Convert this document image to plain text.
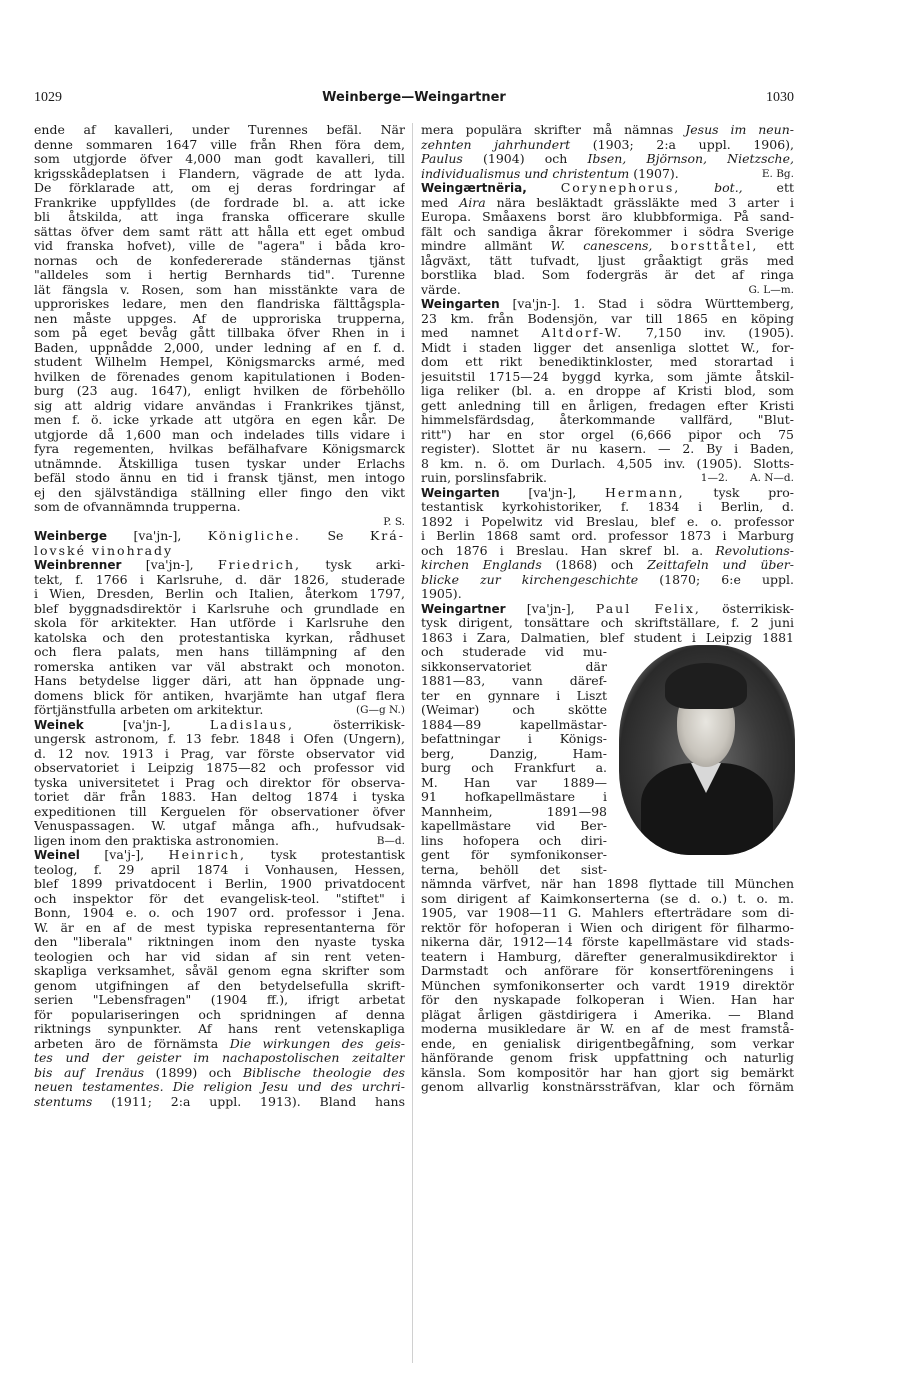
1029	Weinberge—Weingartner	1030
ende af kavalleri, under Turennes befäl. När
denne sommaren 1647 ville från Rhen föra dem,
som utgjorde öfver 4,000 man godt kavalleri, till
krigsskådeplatsen i Flandern, vägrade de att lyda.
De förklarade att, om ej deras fordringar af
Frankrike uppfylldes (de fordrade bl. a. att icke
bli åtskilda, att inga franska officerare skulle
sättas öfver dem samt rätt att hålla ett eget ombud
vid franska hofvet), ville de "agera" i båda kro-
nornas och de konfedererade ständernas tjänst
"alldeles som i hertig Bernhards tid". Turenne
lät fängsla v. Rosen, som han misstänkte vara de
upproriskes ledare, men den flandriska fälttågspla-
nen måste uppges. Af de upproriska trupperna,
som på eget bevåg gått tillbaka öfver Rhen in i
Baden, uppnådde 2,000, under ledning af en f. d.
student Wilhelm Hempel, Königsmarcks armé, med
hvilken de förenades genom kapitulationen i Boden-
burg (23 aug. 1647), enligt hvilken de förbehöllo
sig att aldrig vidare användas i Frankrikes tjänst,
men f. ö. icke yrkade att utgöra en egen kår. De
utgjorde då 1,600 man och indelades tills vidare i
fyra regementen, hvilkas befälhafvare Königsmarck
utnämnde. Åtskilliga tusen tyskar under Erlachs
befäl stodo ännu en tid i fransk tjänst, men intogo
ej den självständiga ställning eller fingo den vikt
som de ofvannämnda trupperna.
P. S.
Weinberge [va'jn-], Königliche. Se Krá-
lovské vinohrady
Weinbrenner [va'jn-], Friedrich, tysk arki-
tekt, f. 1766 i Karlsruhe, d. där 1826, studerade
i Wien, Dresden, Berlin och Italien, återkom 1797,
blef byggnadsdirektör i Karlsruhe och grundlade en
skola för arkitekter. Han utförde i Karlsruhe den
katolska och den protestantiska kyrkan, rådhuset
och flera palats, men hans tillämpning af den
romerska antiken var väl abstrakt och monoton.
Hans betydelse ligger däri, att han öppnade ung-
domens blick för antiken, hvarjämte han utgaf flera
förtjänstfulla arbeten om arkitektur.	(G—g N.)
Weinek	[va'jn-],	Ladislaus,	österrikisk-
ungersk astronom, f. 13 febr. 1848 i Ofen (Ungern),
d. 12 nov. 1913 i Prag, var förste observator vid
observatoriet i Leipzig 1875—82 och professor vid
tyska universitetet i Prag och direktor för observa-
toriet där från 1883. Han deltog 1874 i tyska
expeditionen till Kerguelen för observationer öfver
Venuspassagen. W. utgaf många afh., hufvudsak-
ligen inom den praktiska astronomien.	B—d.
Weinel [va'j-], Heinrich, tysk protestantisk
teolog, f. 29 april 1874 i Vonhausen, Hessen,
blef 1899 privatdocent i Berlin, 1900 privatdocent
och inspektor för det evangelisk-teol. "stiftet" i
Bonn, 1904 e. o. och 1907 ord. professor i Jena.
W. är en af de mest typiska representanterna för
den "liberala" riktningen inom den nyaste tyska
teologien och har vid sidan af sin rent veten-
skapliga verksamhet, såväl genom egna skrifter som
genom utgifningen af den betydelsefulla skrift-
serien "Lebensfragen" (1904 ff.), ifrigt arbetat
för populariseringen och spridningen af denna
riktnings synpunkter. Af hans rent vetenskapliga
arbeten äro de förnämsta Die wirkungen des geis-
tes und der geister im nachapostolischen zeitalter
bis auf Irenäus (1899) och Biblische theologie des
neuen testamentes. Die religion Jesu und des urchri-
stentums (1911; 2:a uppl. 1913). Bland hans
mera populära skrifter må nämnas Jesus im neun-
zehnten jahrhundert (1903; 2:a uppl. 1906),
Paulus (1904) och Ibsen, Björnson, Nietzsche,
individualismus und christentum (1907).	E. Bg.
Weingærtnëria,	Corynephorus,	bot.,	ett
med Aira nära besläktadt grässläkte med 3 arter i
Europa. Småaxens borst äro klubbformiga. På sand-
fält och sandiga åkrar förekommer i södra Sverige
mindre allmänt W. canescens, borsttåtel, ett
lågväxt, tätt tufvadt, ljust gråaktigt gräs med
borstlika blad. Som fodergräs är det af ringa
värde.	G. L—m.
Weingarten [va'jn-]. 1. Stad i södra Württemberg,
23 km. från Bodensjön, var till 1865 en köping
med namnet Altdorf-W. 7,150 inv. (1905).
Midt i staden ligger det ansenliga slottet W., for-
dom ett rikt benediktinkloster, med storartad i
jesuitstil 1715—24 byggd kyrka, som jämte åtskil-
liga reliker (bl. a. en droppe af Kristi blod, som
gett anledning till en årligen, fredagen efter Kristi
himmelsfärdsdag, återkommande vallfärd, "Blut-
ritt") har en stor orgel (6,666 pipor och 75
register). Slottet är nu kasern. — 2. By i Baden,
8 km. n. ö. om Durlach. 4,505 inv. (1905). Slotts-
ruin, porslinsfabrik.	A. N—d.
1—2.
Weingarten [va'jn-], Hermann, tysk pro-
testantisk kyrkohistoriker, f. 1834 i Berlin, d.
1892 i Popelwitz vid Breslau, blef e. o. professor
i Berlin 1868 samt ord. professor 1873 i Marburg
och 1876 i Breslau. Han skref bl. a. Revolutions-
kirchen Englands (1868) och Zeittafeln und über-
blicke zur kirchengeschichte (1870; 6:e uppl.
1905).
Weingartner [va'jn-], Paul Felix, österrikisk-
tysk dirigent, tonsättare och skriftställare, f. 2 juni
1863 i Zara, Dalmatien, blef student i Leipzig 1881
och studerade vid mu-
sikkonservatoriet där
1881—83, vann däref-
ter en gynnare i Liszt
(Weimar) och skötte
1884—89 kapellmästar-
befattningar i Königs-
berg, Danzig, Ham-
burg och Frankfurt a.
M. Han var 1889—
91 hofkapellmästare i
Mannheim, 1891—98
kapellmästare vid Ber-
lins hofopera och diri-
gent för symfonikonser-
terna, behöll det sist-
nämnda värfvet, när han 1898 flyttade till München
som dirigent af Kaimkonserterna (se d. o.) t. o. m.
1905, var 1908—11 G. Mahlers efterträdare som di-
rektör för hofoperan i Wien och dirigent för filharmo-
nikerna där, 1912—14 förste kapellmästare vid stads-
teatern i Hamburg, därefter generalmusikdirektor i
Darmstadt och anförare för konsertföreningens i
München symfonikonserter och vardt 1919 direktör
för den nyskapade folkoperan i Wien. Han har
plägat årligen gästdirigera i Amerika. — Bland
moderna musikledare är W. en af de mest framstå-
ende, en genialisk dirigentbegåfning, som verkar
hänförande genom frisk uppfattning och naturlig
känsla. Som kompositör har han gjort sig bemärkt
genom allvarlig konstnärssträfvan, klar och förnäm
